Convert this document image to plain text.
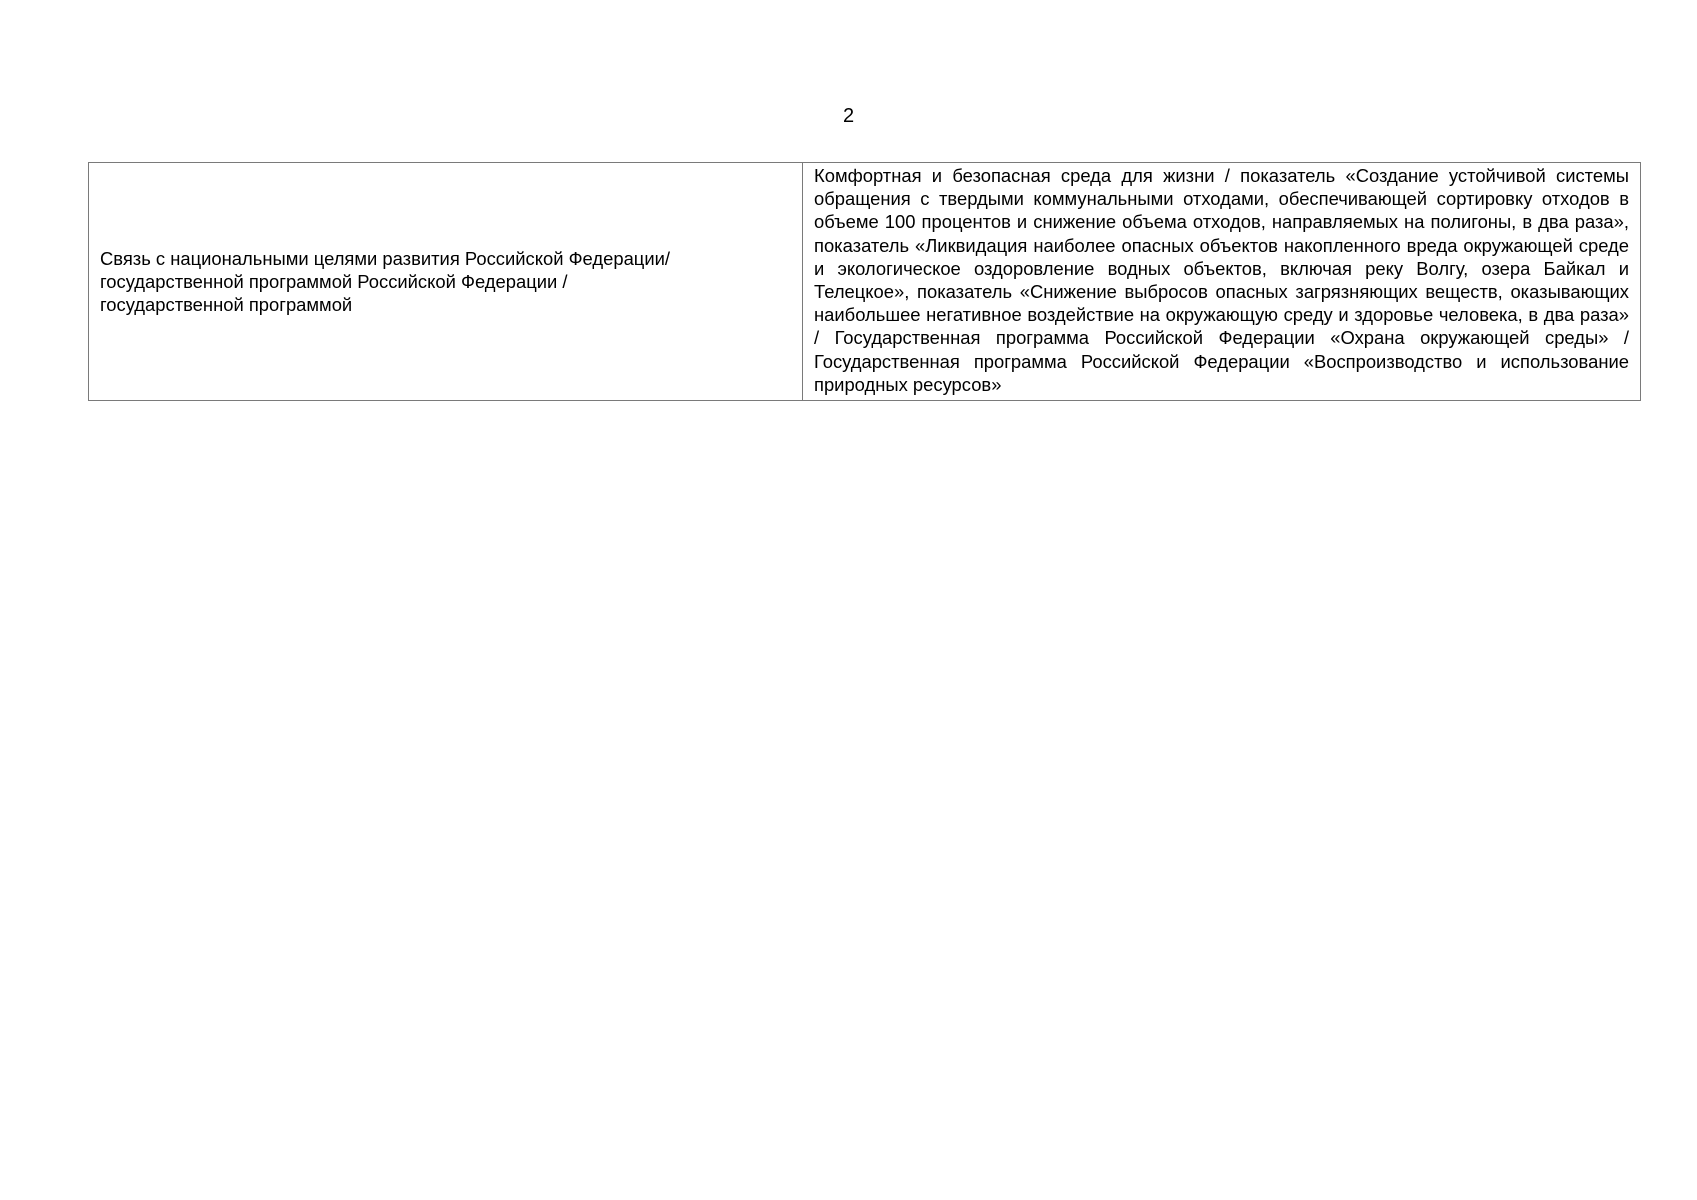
2
Связь с национальными целями развития Российской Федерации/
государственной программой Российской Федерации /
государственной программой
	Комфортная и безопасная среда для жизни / показатель «Создание устойчивой системы обращения с твердыми коммунальными отходами, обеспечивающей сортировку отходов в объеме 100 процентов и снижение объема отходов, направляемых на полигоны, в два раза», показатель «Ликвидация наиболее опасных объектов накопленного вреда окружающей среде и экологическое оздоровление водных объектов, включая реку Волгу, озера Байкал и Телецкое», показатель «Снижение выбросов опасных загрязняющих веществ, оказывающих наибольшее негативное воздействие на окружающую среду и здоровье человека, в два раза» / Государственная программа Российской Федерации «Охрана окружающей среды» / Государственная программа Российской Федерации «Воспроизводство и использование природных ресурсов»
